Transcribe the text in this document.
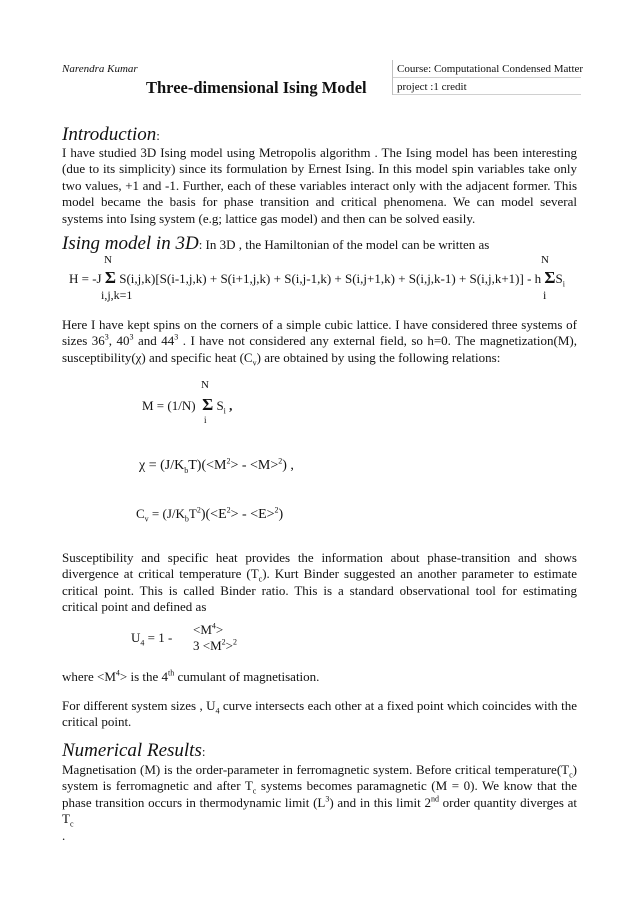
Narendra Kumar
Three-dimensional Ising Model
Course: Computational Condensed Matter
project :1 credit
Introduction:
I have studied 3D Ising model using Metropolis algorithm . The Ising model has been interesting (due to its simplicity) since its formulation by Ernest Ising. In this model spin variables take only two values, +1 and -1. Further, each of these variables interact only with the adjacent former. This model became the basis for phase transition and critical phenomena. We can model several systems into Ising system (e.g; lattice gas model) and then can be solved easily.
Ising model in 3D: In 3D , the Hamiltonian of the model can be written as
N	N
H = -J Σ S(i,j,k)[S(i-1,j,k) + S(i+1,j,k) + S(i,j-1,k) + S(i,j+1,k) + S(i,j,k-1) + S(i,j,k+1)] - h $\Sigma S_i$
i,j,k=1	i
Here I have kept spins on the corners of a simple cubic lattice. I have considered three systems of sizes $36^3$, $40^3$ and $44^3$ . I have not considered any external field, so h=0. The magnetization(M), susceptibility(χ) and specific heat $(C_v)$ are obtained by using the following relations:
N
M = (1/N) Σ $S_i$ ,
i
$\chi = (J/K_bT)(<M^2> - <M>^2)$ ,
$C_v = (J/K_bT^2)(<E^2> - <E>^2)$
Susceptibility and specific heat provides the information about phase-transition and shows divergence at critical temperature $(T_c)$. Kurt Binder suggested an another parameter to estimate critical point. This is called Binder ratio. This is a standard observational tool for estimating critical point and defined as
$U_4 = 1$ -
$<M^4>$
$3 <M^2>^2$
where $<M^4>$ is the 4th cumulant of magnetisation.
For different system sizes , $U_4$ curve intersects each other at a fixed point which coincides with the critical point.
Numerical Results:
Magnetisation (M) is the order-parameter in ferromagnetic system. Before critical $temperature(T_c)$ system is ferromagnetic and after $T_c$ systems becomes paramagnetic (M = 0). We know that the phase transition occurs in thermodynamic limit $(L^3)$ and in this limit 2nd order quantity diverges at $T_c$
.
